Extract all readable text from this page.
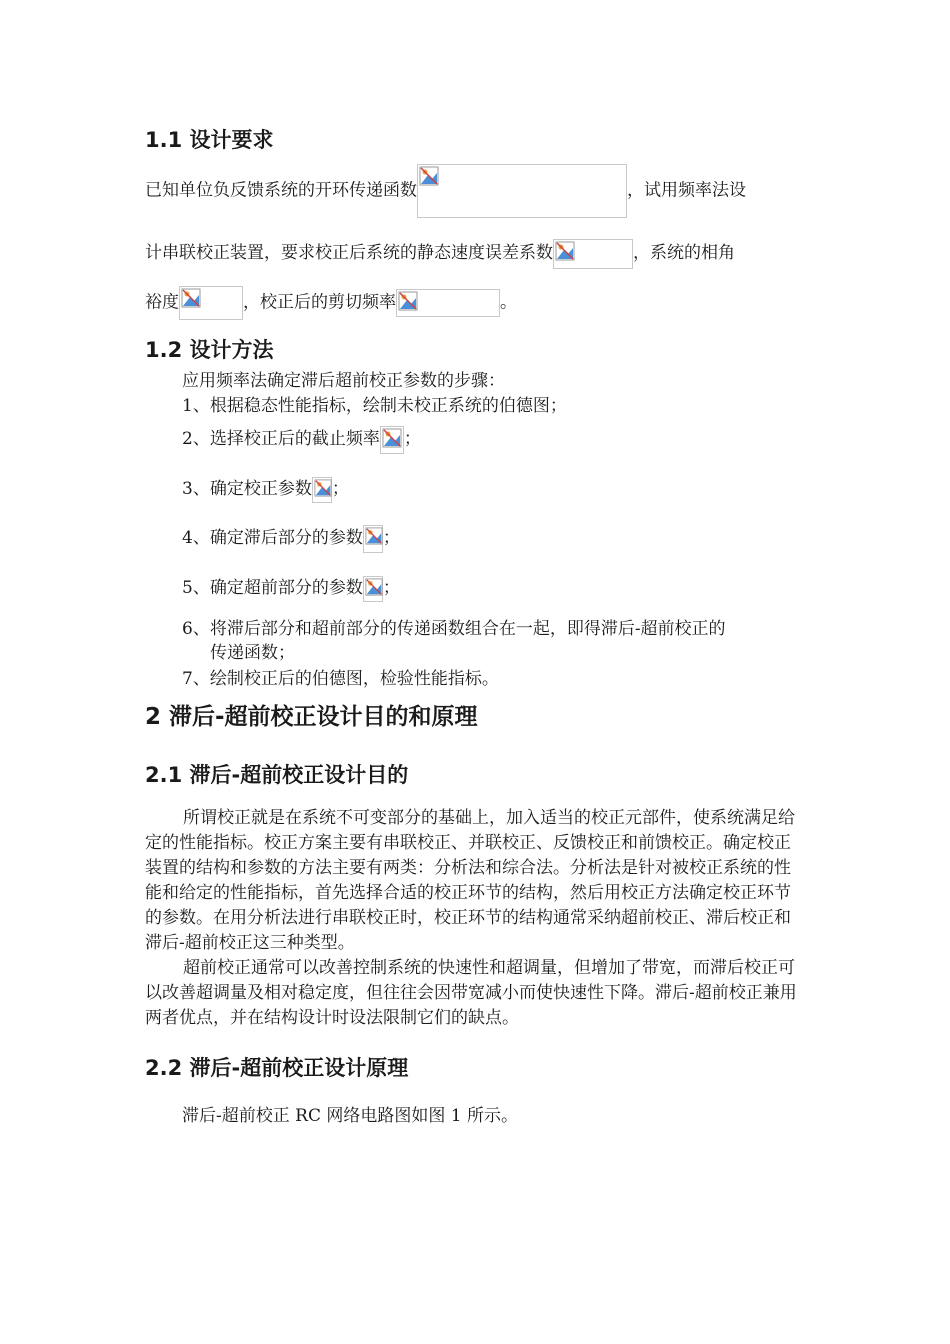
1.1 设计要求
已知单位负反馈系统的开环传递函数	，试用频率法设
计串联校正装置，要求校正后系统的静态速度误差系数	，系统的相角
裕度	，校正后的剪切频率	。
1.2 设计方法
应用频率法确定滞后超前校正参数的步骤：
1、根据稳态性能指标，绘制未校正系统的伯德图；
2、选择校正后的截止频率 ；
3、确定校正参数 ；
4、确定滞后部分的参数 ；
5、确定超前部分的参数 ；
6、将滞后部分和超前部分的传递函数组合在一起，即得滞后-超前校正的
传递函数；
7、绘制校正后的伯德图，检验性能指标。
2 滞后-超前校正设计目的和原理
2.1 滞后-超前校正设计目的

所谓校正就是在系统不可变部分的基础上，加入适当的校正元部件，使系统满足给定的性能指标。校正方案主要有串联校正、并联校正、反馈校正和前馈校正。确定校正装置的结构和参数的方法主要有两类：分析法和综合法。分析法是针对被校正系统的性能和给定的性能指标，首先选择合适的校正环节的结构，然后用校正方法确定校正环节的参数。在用分析法进行串联校正时，校正环节的结构通常采纳超前校正、滞后校正和滞后-超前校正这三种类型。

超前校正通常可以改善控制系统的快速性和超调量，但增加了带宽，而滞后校正可以改善超调量及相对稳定度，但往往会因带宽减小而使快速性下降。滞后-超前校正兼用两者优点，并在结构设计时设法限制它们的缺点。

2.2 滞后-超前校正设计原理
滞后-超前校正 RC 网络电路图如图 1 所示。
